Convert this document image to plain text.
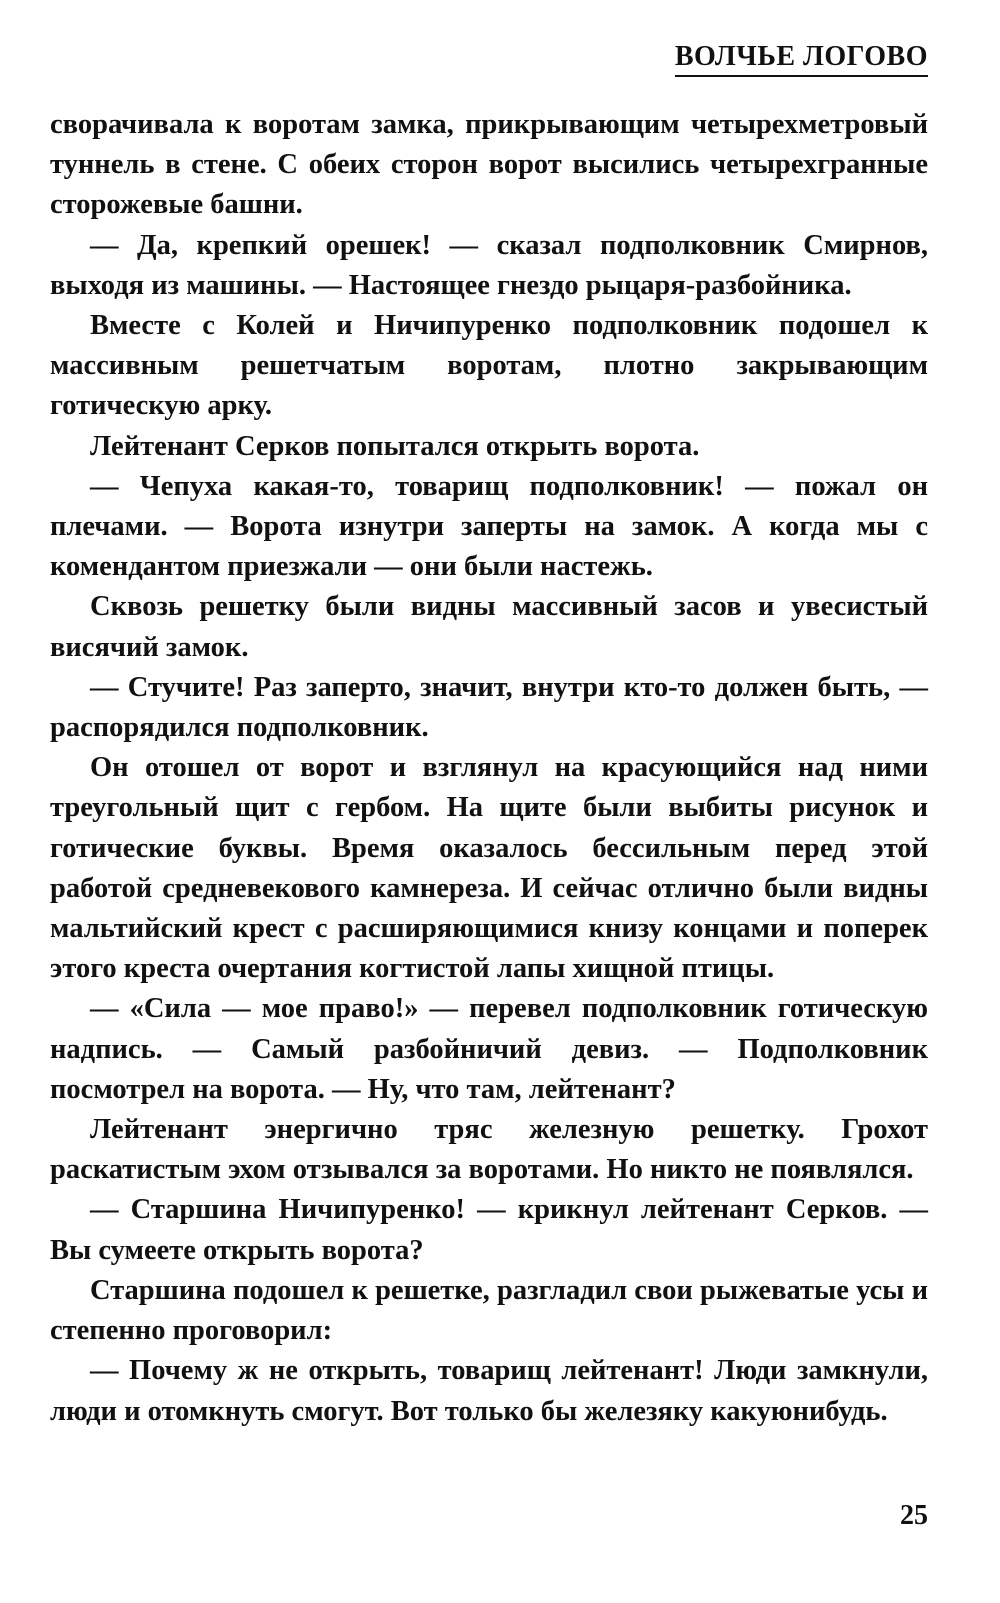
ВОЛЧЬЕ ЛОГОВО

сворачивала к воротам замка, прикрывающим четырехметровый туннель в стене. С обеих сторон ворот высились четырехгранные сторожевые башни.

— Да, крепкий орешек! — сказал подполковник Смирнов, выходя из машины. — Настоящее гнездо рыцаря-разбойника.

Вместе с Колей и Ничипуренко подполковник подошел к массивным решетчатым воротам, плотно закрывающим готическую арку.

Лейтенант Серков попытался открыть ворота.

— Чепуха какая-то, товарищ подполковник! — пожал он плечами. — Ворота изнутри заперты на замок. А когда мы с комендантом приезжали — они были настежь.

Сквозь решетку были видны массивный засов и увесистый висячий замок.

— Стучите! Раз заперто, значит, внутри кто-то должен быть, — распорядился подполковник.

Он отошел от ворот и взглянул на красующийся над ними треугольный щит с гербом. На щите были выбиты рисунок и готические буквы. Время оказалось бессильным перед этой работой средневекового камнереза. И сейчас отлично были видны мальтийский крест с расширяющимися книзу концами и поперек этого креста очертания когтистой лапы хищной птицы.

— «Сила — мое право!» — перевел подполковник готическую надпись. — Самый разбойничий девиз. — Подполковник посмотрел на ворота. — Ну, что там, лейтенант?

Лейтенант энергично тряс железную решетку. Грохот раскатистым эхом отзывался за воротами. Но никто не появлялся.

— Старшина Ничипуренко! — крикнул лейтенант Серков. — Вы сумеете открыть ворота?

Старшина подошел к решетке, разгладил свои рыжеватые усы и степенно проговорил:

— Почему ж не открыть, товарищ лейтенант! Люди замкнули, люди и отомкнуть смогут. Вот только бы железяку какуюнибудь.

25
